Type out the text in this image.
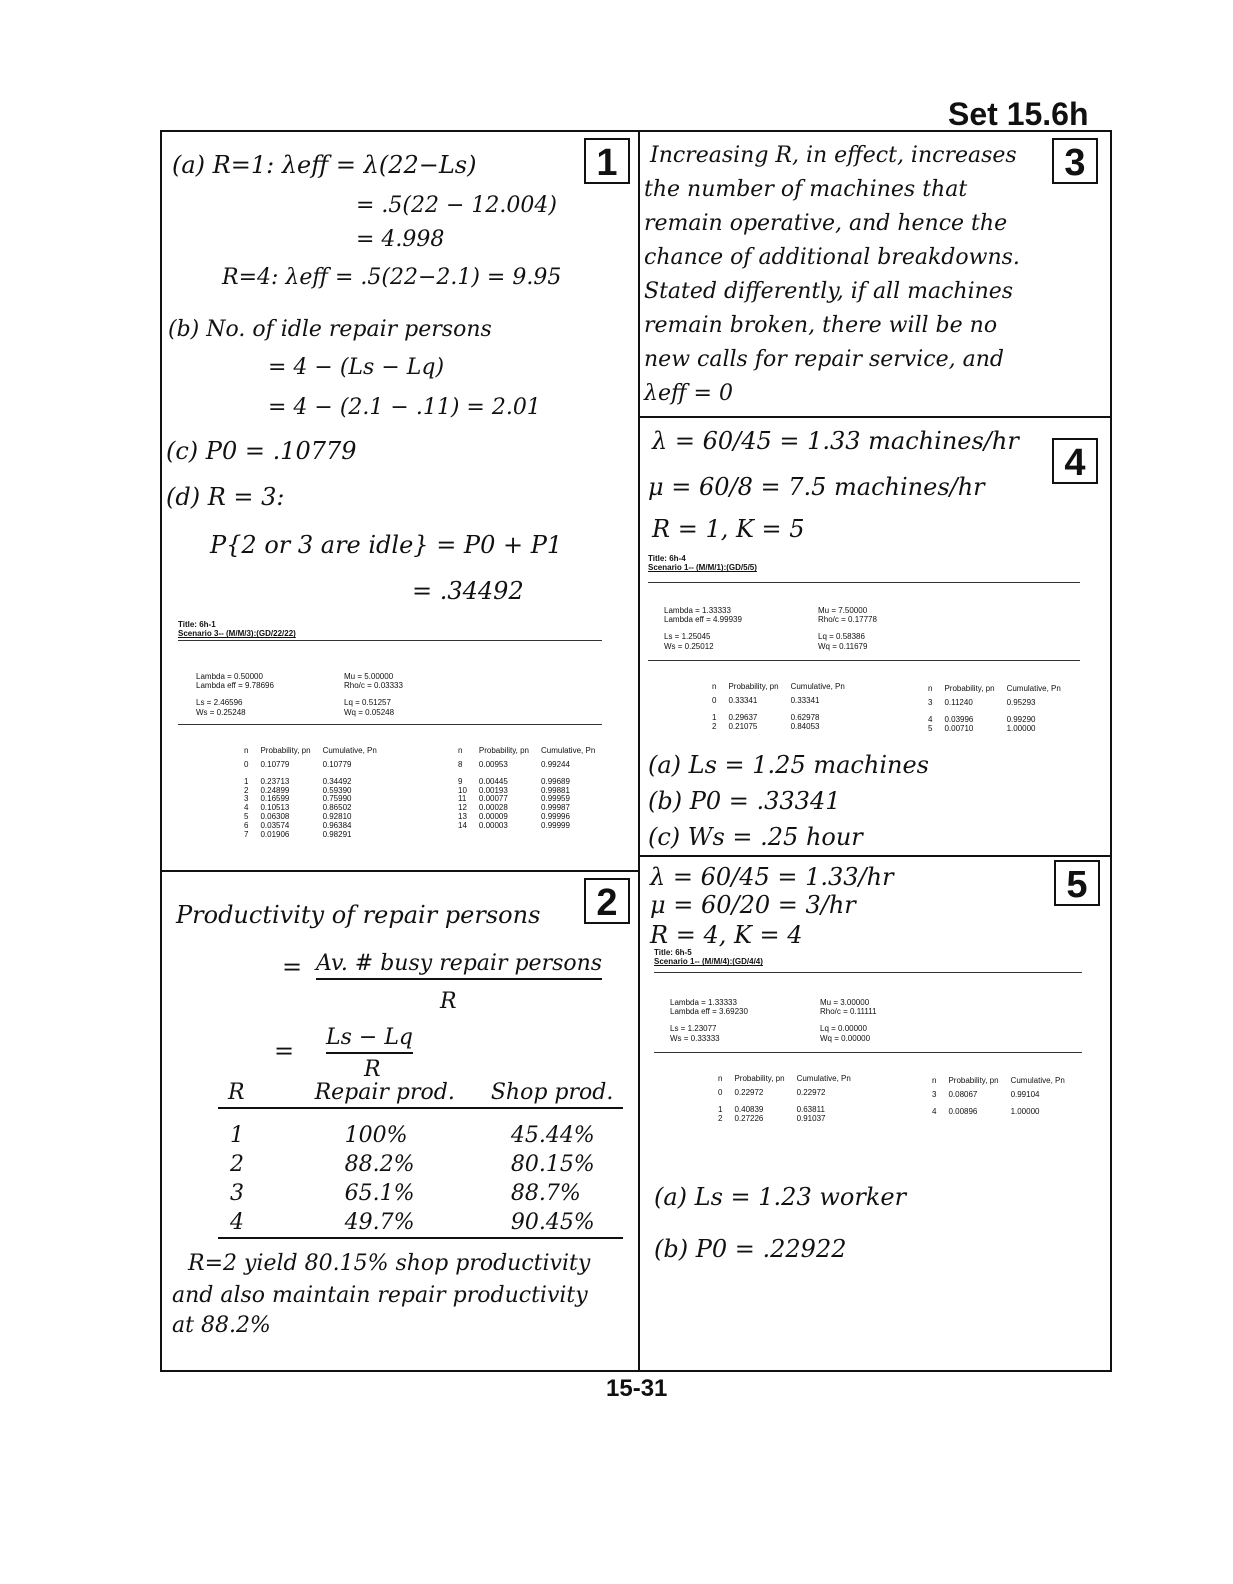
Set 15.6h
15-31
1
(a) R=1: λeff = λ(22−Ls)
= .5(22 − 12.004)
= 4.998
R=4: λeff = .5(22−2.1) = 9.95
(b) No. of idle repair persons
= 4 − (Ls − Lq)
= 4 − (2.1 − .11) = 2.01
(c) P0 = .10779
(d) R = 3:
P{2 or 3 are idle} = P0 + P1
= .34492
Title: 6h-1
Scenario 3-- (M/M/3):(GD/22/22)
Lambda = 0.50000
Lambda eff = 9.78696
Ls = 2.46596
Ws = 0.25248
Mu = 5.00000
Rho/c = 0.03333
Lq = 0.51257
Wq = 0.05248
n	Probability, pn	Cumulative, Pn
0	0.10779	0.10779
1	0.23713	0.34492
2	0.24899	0.59390
3	0.16599	0.75990
4	0.10513	0.86502
5	0.06308	0.92810
6	0.03574	0.96384
7	0.01906	0.98291
n	Probability, pn	Cumulative, Pn
8	0.00953	0.99244
9	0.00445	0.99689
10	0.00193	0.99881
11	0.00077	0.99959
12	0.00028	0.99987
13	0.00009	0.99996
14	0.00003	0.99999
2
Productivity of repair persons
= Av. # busy repair persons
R
= Ls − Lq
R
R	Repair prod.	Shop prod.
1	100%	45.44%
2	88.2%	80.15%
3	65.1%	88.7%
4	49.7%	90.45%
R=2 yield 80.15% shop productivity
and also maintain repair productivity
at 88.2%
3
Increasing R, in effect, increases
the number of machines that
remain operative, and hence the
chance of additional breakdowns.
Stated differently, if all machines
remain broken, there will be no
new calls for repair service, and
λeff = 0
4
λ = 60/45 = 1.33 machines/hr
μ = 60/8 = 7.5 machines/hr
R = 1, K = 5
Title: 6h-4
Scenario 1-- (M/M/1):(GD/5/5)
Lambda = 1.33333
Lambda eff = 4.99939
Ls = 1.25045
Ws = 0.25012
Mu = 7.50000
Rho/c = 0.17778
Lq = 0.58386
Wq = 0.11679
n	Probability, pn	Cumulative, Pn
0	0.33341	0.33341
1	0.29637	0.62978
2	0.21075	0.84053
n	Probability, pn	Cumulative, Pn
3	0.11240	0.95293
4	0.03996	0.99290
5	0.00710	1.00000
(a) Ls = 1.25 machines
(b) P0 = .33341
(c) Ws = .25 hour
5
λ = 60/45 = 1.33/hr
μ = 60/20 = 3/hr
R = 4, K = 4
Title: 6h-5
Scenario 1-- (M/M/4):(GD/4/4)
Lambda = 1.33333
Lambda eff = 3.69230
Ls = 1.23077
Ws = 0.33333
Mu = 3.00000
Rho/c = 0.11111
Lq = 0.00000
Wq = 0.00000
n	Probability, pn	Cumulative, Pn
0	0.22972	0.22972
1	0.40839	0.63811
2	0.27226	0.91037
n	Probability, pn	Cumulative, Pn
3	0.08067	0.99104
4	0.00896	1.00000
(a) Ls = 1.23 worker
(b) P0 = .22922
